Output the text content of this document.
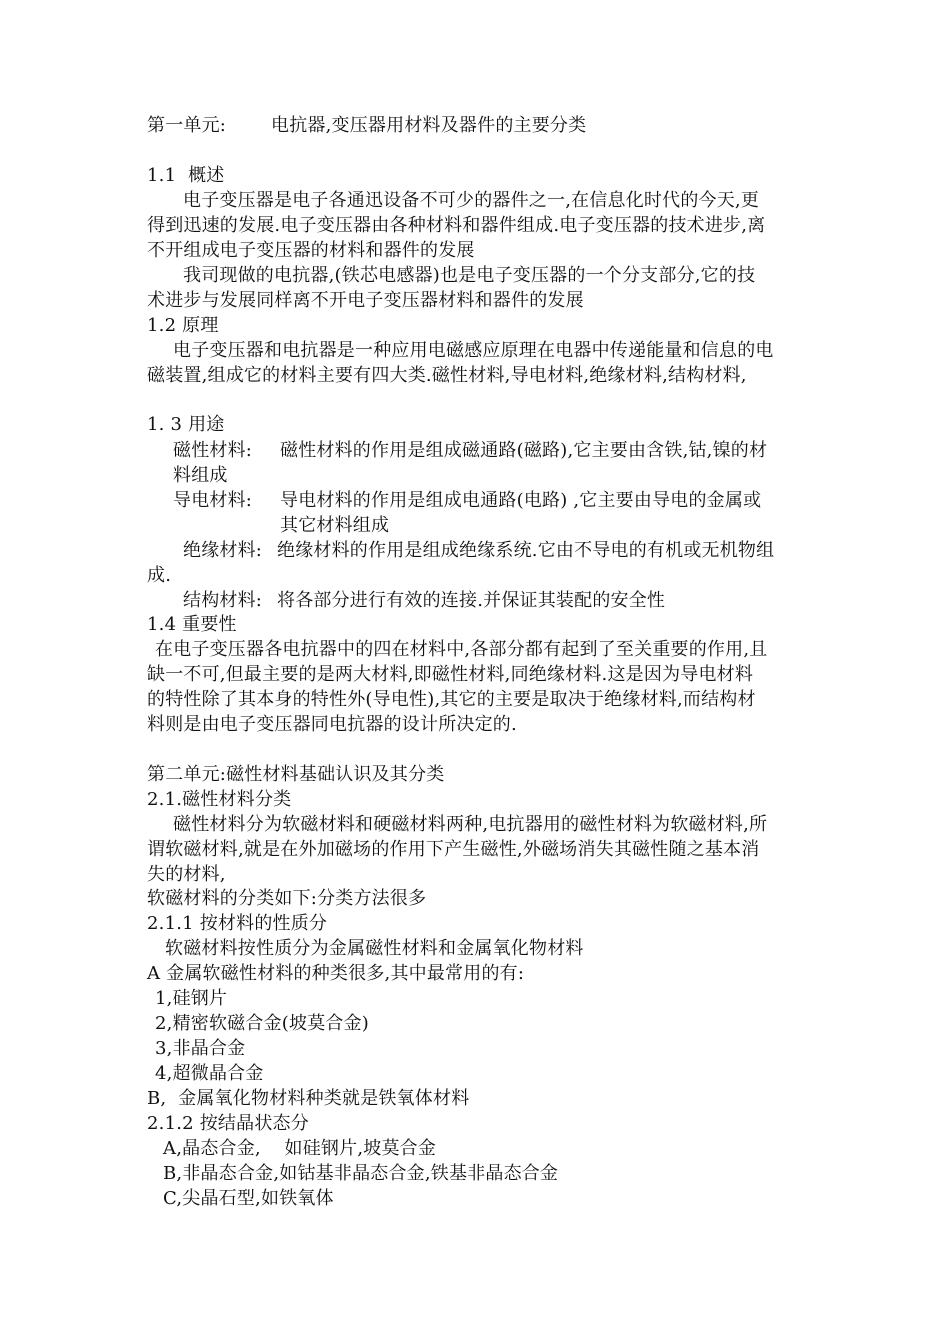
第一单元: 电抗器,变压器用材料及器件的主要分类
1.1  概述
电子变压器是电子各通迅设备不可少的器件之一,在信息化时代的今天,更
得到迅速的发展.电子变压器由各种材料和器件组成.电子变压器的技术进步,离
不开组成电子变压器的材料和器件的发展
我司现做的电抗器,(铁芯电感器)也是电子变压器的一个分支部分,它的技
术进步与发展同样离不开电子变压器材料和器件的发展
1.2 原理
电子变压器和电抗器是一种应用电磁感应原理在电器中传递能量和信息的电
磁装置,组成它的材料主要有四大类.磁性材料,导电材料,绝缘材料,结构材料,
1. 3 用途
磁性材料: 磁性材料的作用是组成磁通路(磁路),它主要由含铁,钴,镍的材
料组成
导电材料: 导电材料的作用是组成电通路(电路) ,它主要由导电的金属或
其它材料组成
绝缘材料: 绝缘材料的作用是组成绝缘系统.它由不导电的有机或无机物组
成.
结构材料: 将各部分进行有效的连接.并保证其装配的安全性
1.4 重要性
在电子变压器各电抗器中的四在材料中,各部分都有起到了至关重要的作用,且
缺一不可,但最主要的是两大材料,即磁性材料,同绝缘材料.这是因为导电材料
的特性除了其本身的特性外(导电性),其它的主要是取决于绝缘材料,而结构材
料则是由电子变压器同电抗器的设计所决定的.
第二单元:磁性材料基础认识及其分类
2.1.磁性材料分类
磁性材料分为软磁材料和硬磁材料两种,电抗器用的磁性材料为软磁材料,所
谓软磁材料,就是在外加磁场的作用下产生磁性,外磁场消失其磁性随之基本消
失的材料,
软磁材料的分类如下:分类方法很多
2.1.1 按材料的性质分
软磁材料按性质分为金属磁性材料和金属氧化物材料
A 金属软磁性材料的种类很多,其中最常用的有:
1,硅钢片
2,精密软磁合金(坡莫合金)
3,非晶合金
4,超微晶合金
B,  金属氧化物材料种类就是铁氧体材料
2.1.2 按结晶状态分
A,晶态合金,    如硅钢片,坡莫合金
B,非晶态合金,如钴基非晶态合金,铁基非晶态合金
C,尖晶石型,如铁氧体
